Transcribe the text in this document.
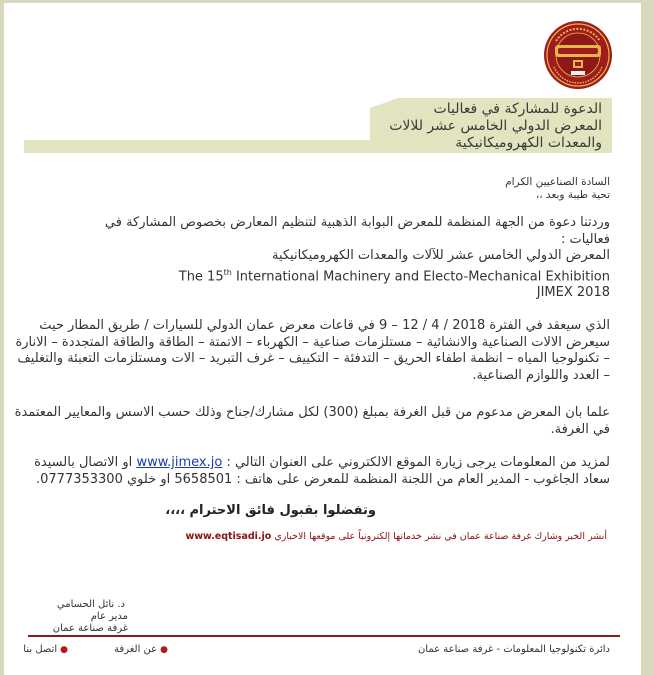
الدعوة للمشاركة في فعاليات
المعرض الدولي الخامس عشر للالات
والمعدات الكهروميكانيكية
السادة الصناعيين الكرام
تحية طيبة وبعد ،،
وردتنا دعوة من الجهة المنظمة للمعرض البوابة الذهبية لتنظيم المعارض بخصوص المشاركة في
فعاليات :
المعرض الدولي الخامس عشر للآلات والمعدات الكهروميكانيكية
The 15th International Machinery and Electo-Mechanical Exhibition
JIMEX 2018
الذي سيعقد في الفترة 2018 / 4 / 12 – 9 في قاعات معرض عمان الدولي للسيارات / طريق المطار حيث سيعرض الالات الصناعية والانشائية – مستلزمات صناعية – الكهرباء – الاتمتة – الطاقة والطاقة المتجددة – الانارة – تكنولوجيا المياه – انظمة اطفاء الحريق – التدفئة – التكييف – غرف التبريد – الات ومستلزمات التعبئة والتغليف – العدد واللوازم الصناعية.
علما بان المعرض مدعوم من قبل الغرفة بمبلغ (300) لكل مشارك/جناح وذلك حسب الاسس والمعايير المعتمدة في الغرفة.
لمزيد من المعلومات يرجى زيارة الموقع الالكتروني على العنوان التالي : www.jimex.jo او الاتصال بالسيدة سعاد الجاغوب - المدير العام من اللجنة المنظمة للمعرض على هاتف : 5658501 او خلوي 0777353300.
وتفضلوا بقبول فائق الاحترام ،،،،
أنشر الخبر وشارك غرفة صناعة عمان في نشر خدماتها إلكترونياً على موقعها الاخباري www.eqtisadi.jo
د. نائل الحسامي
مدير عام
غرفة صناعة عمان
دائرة تكنولوجيا المعلومات - غرفة صناعة عمان
●عن الغرفة
●اتصل بنا
